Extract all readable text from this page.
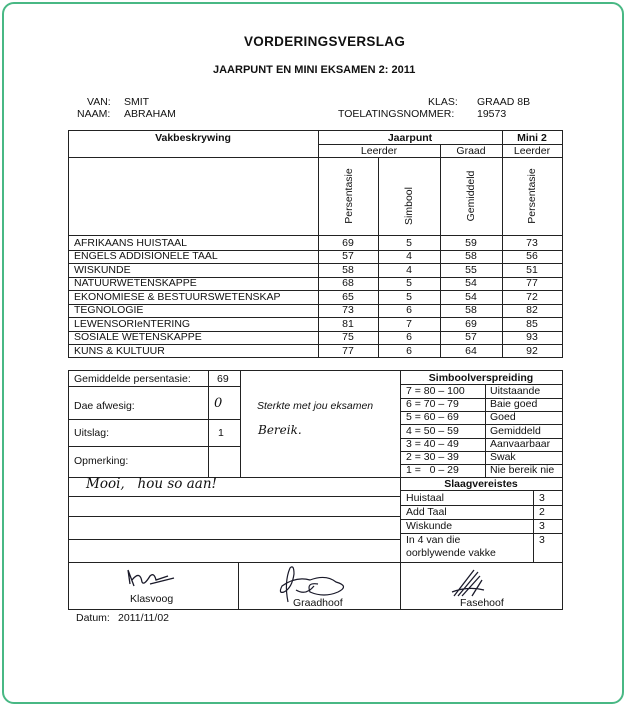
VORDERINGSVERSLAG
JAARPUNT EN MINI EKSAMEN 2: 2011
VAN: SMIT
NAAM: ABRAHAM
KLAS: GRAAD 8B
TOELATINGSNOMMER: 19573
Vakbeskrywing	Jaarpunt	Mini 2
Leerder	Graad	Leerder
Persentasie	Simbool	Gemiddeld	Persentasie
AFRIKAANS HUISTAAL	69	5	59	73
ENGELS ADDISIONELE TAAL	57	4	58	56
WISKUNDE	58	4	55	51
NATUURWETENSKAPPE	68	5	54	77
EKONOMIESE & BESTUURSWETENSKAP	65	5	54	72
TEGNOLOGIE	73	6	58	82
LEWENSORIeNTERING	81	7	69	85
SOSIALE WETENSKAPPE	75	6	57	93
KUNS & KULTUUR	77	6	64	92
Gemiddelde persentasie:	69
Dae afwesig:	0
Uitslag:	1
Opmerking:
Sterkte met jou eksamen
Bereik.
Mooi,   hou so aan!
Simboolverspreiding
7 = 80 – 100 Uitstaande
6 = 70 – 79	Baie goed
5 = 60 – 69	Goed
4 = 50 – 59	Gemiddeld
3 = 40 – 49	Aanvaarbaar
2 = 30 – 39	Swak
1 =   0 – 29	Nie bereik nie
Slaagvereistes
Huistaal	3
Add Taal	2
Wiskunde	3
In 4 van die
oorblywende vakke
3
Klasvoog	Graadhoof	Fasehoof
Datum: 2011/11/02
